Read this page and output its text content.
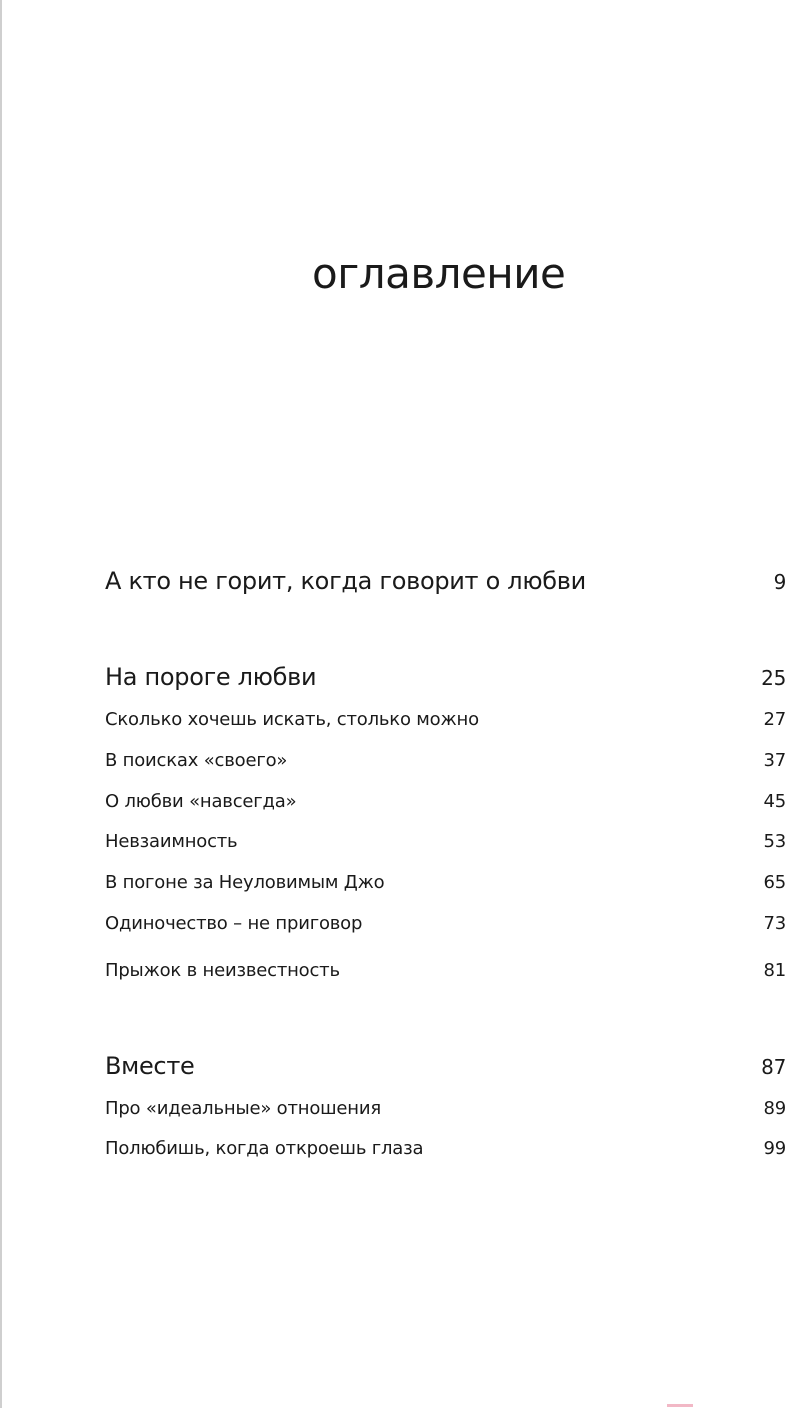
оглавление
А кто не горит, когда говорит о любви	9
На пороге любви	25
Сколько хочешь искать, столько можно	27
В поисках «своего»	37
О любви «навсегда»	45
Невзаимность	53
В погоне за Неуловимым Джо	65
Одиночество – не приговор	73
Прыжок в неизвестность	81
Вместе	87
Про «идеальные» отношения	89
Полюбишь, когда откроешь глаза	99
